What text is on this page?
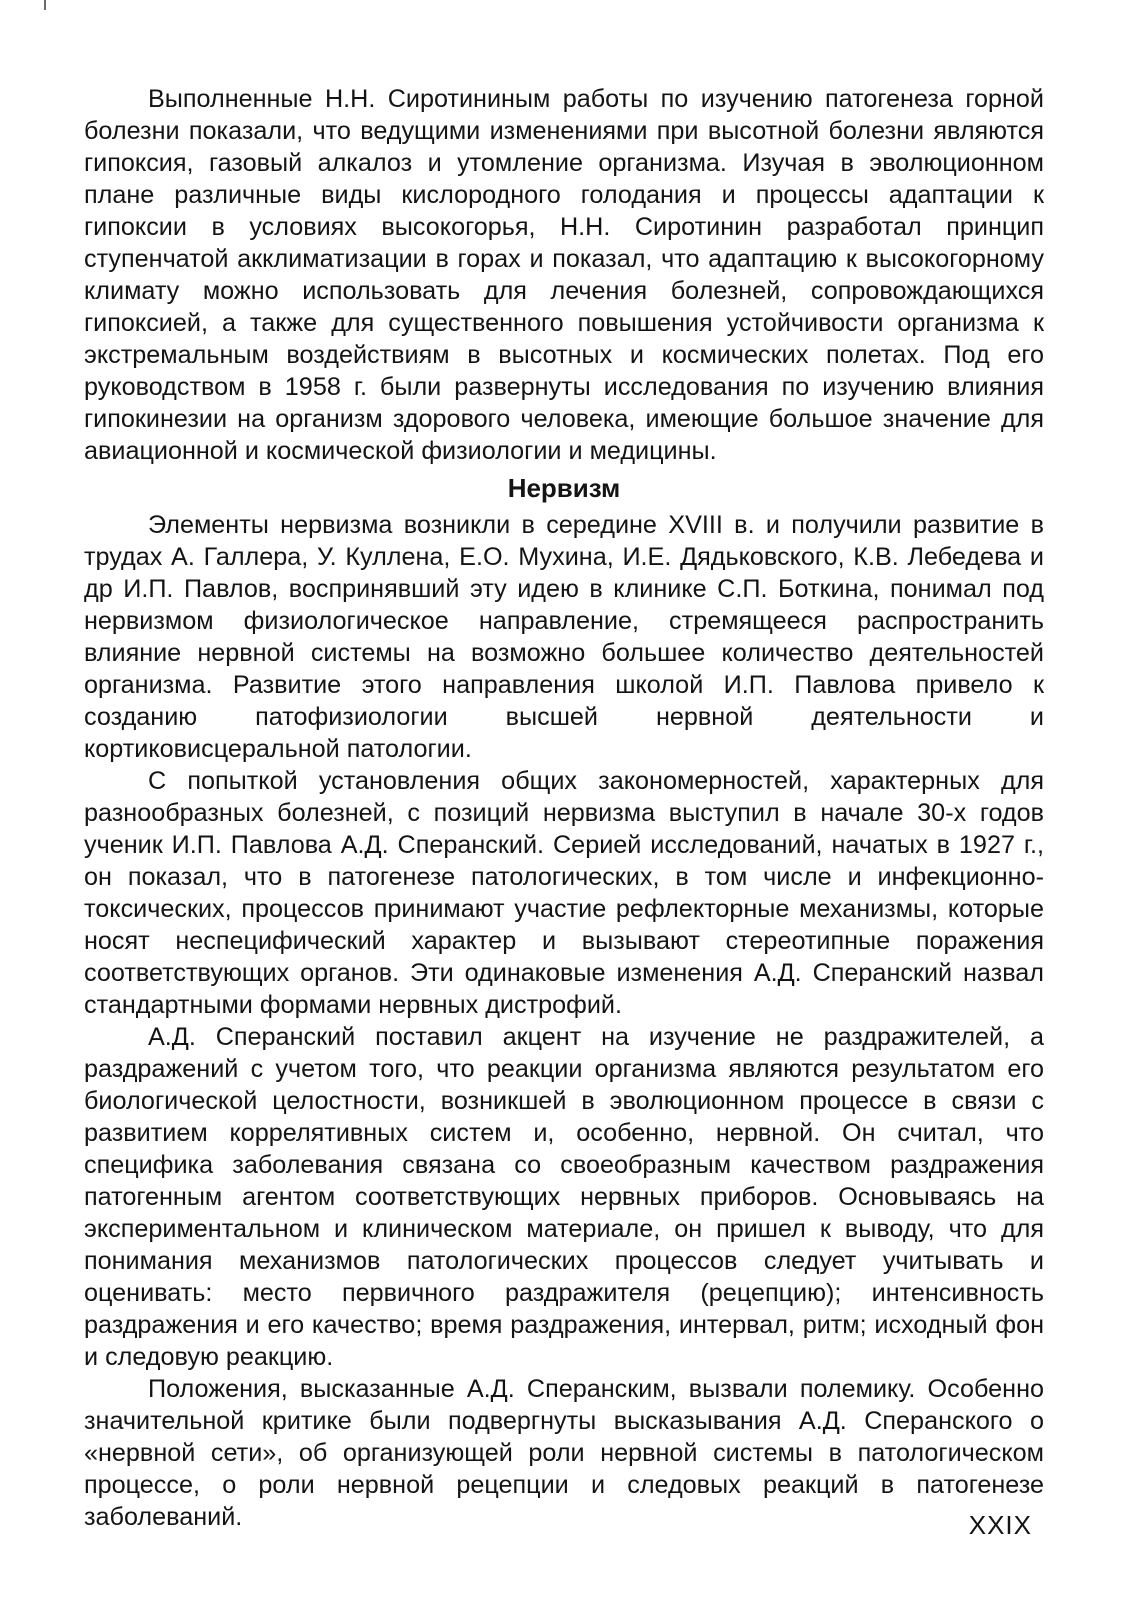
Выполненные Н.Н. Сиротининым работы по изучению патогенеза горной болезни показали, что ведущими изменениями при высотной болезни являются гипоксия, газовый алкалоз и утомление организма. Изучая в эволюционном плане различные виды кислородного голодания и процессы адаптации к гипоксии в условиях высокогорья, Н.Н. Сиротинин разработал принцип ступенчатой акклиматизации в горах и показал, что адаптацию к высокогорному климату можно использовать для лечения болезней, сопровождающихся гипоксией, а также для существенного повышения устойчивости организма к экстремальным воздействиям в высотных и космических полетах. Под его руководством в 1958 г. были развернуты исследования по изучению влияния гипокинезии на организм здорового человека, имеющие большое значение для авиационной и космической физиологии и медицины.

Нервизм

Элементы нервизма возникли в середине XVIII в. и получили развитие в трудах А. Галлера, У. Куллена, Е.О. Мухина, И.Е. Дядьковского, К.В. Лебедева и др И.П. Павлов, воспринявший эту идею в клинике С.П. Боткина, понимал под нервизмом физиологическое направление, стремящееся распространить влияние нервной системы на возможно большее количество деятельностей организма. Развитие этого направления школой И.П. Павлова привело к созданию патофизиологии высшей нервной деятельности и кортиковисцеральной патологии.

С попыткой установления общих закономерностей, характерных для разнообразных болезней, с позиций нервизма выступил в начале 30-х годов ученик И.П. Павлова А.Д. Сперанский. Серией исследований, начатых в 1927 г., он показал, что в патогенезе патологических, в том числе и инфекционно-токсических, процессов принимают участие рефлекторные механизмы, которые носят неспецифический характер и вызывают стереотипные поражения соответствующих органов. Эти одинаковые изменения А.Д. Сперанский назвал стандартными формами нервных дистрофий.

А.Д. Сперанский поставил акцент на изучение не раздражителей, а раздражений с учетом того, что реакции организма являются результатом его биологической целостности, возникшей в эволюционном процессе в связи с развитием коррелятивных систем и, особенно, нервной. Он считал, что специфика заболевания связана со своеобразным качеством раздражения патогенным агентом соответствующих нервных приборов. Основываясь на экспериментальном и клиническом материале, он пришел к выводу, что для понимания механизмов патологических процессов следует учитывать и оценивать: место первичного раздражителя (рецепцию); интенсивность раздражения и его качество; время раздражения, интервал, ритм; исходный фон и следовую реакцию.

Положения, высказанные А.Д. Сперанским, вызвали полемику. Особенно значительной критике были подвергнуты высказывания А.Д. Сперанского о «нервной сети», об организующей роли нервной системы в патологическом процессе, о роли нервной рецепции и следовых реакций в патогенезе заболеваний.	XXIX
